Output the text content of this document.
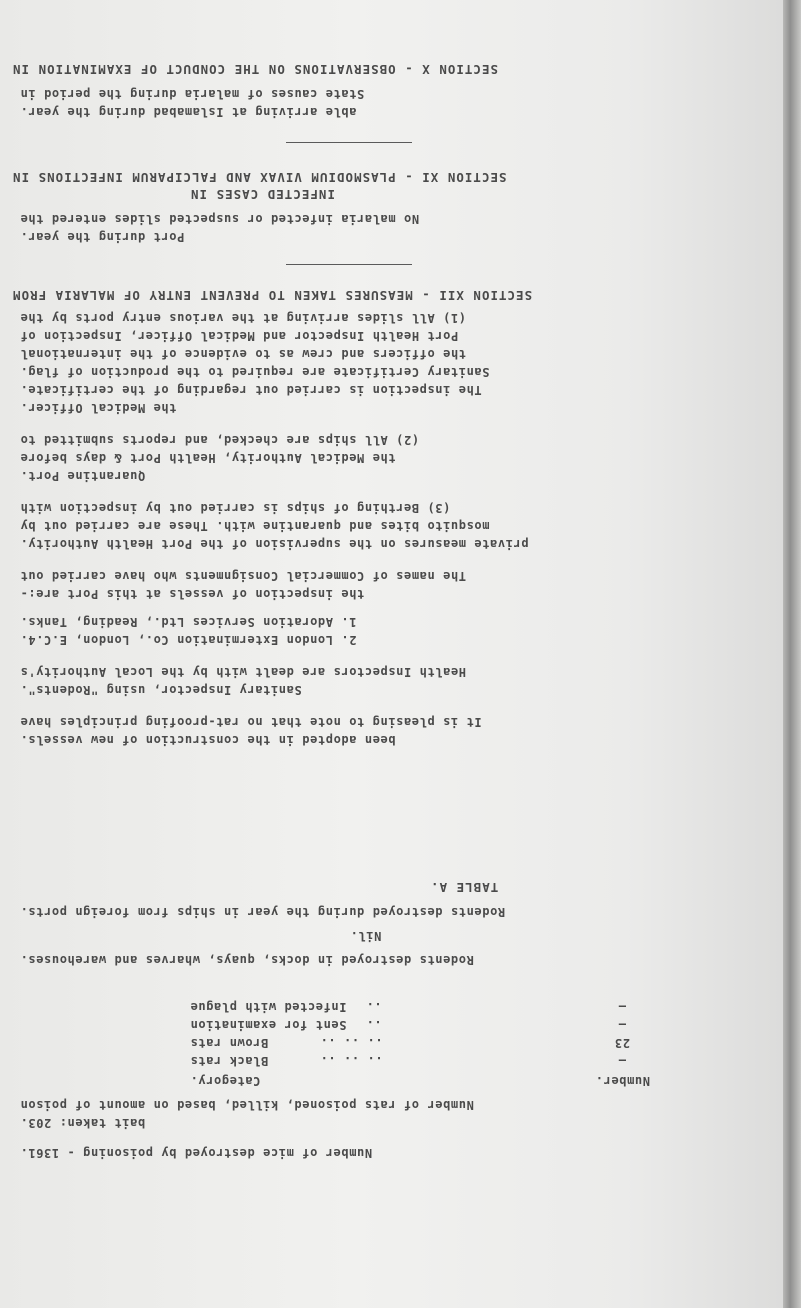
SECTION X - OBSERVATIONS ON THE CONDUCT OF EXAMINATION IN
State causes of malaria during the period in
able arriving at Islamabad during the year.
SECTION XI - PLASMODIUM VIVAX AND FALCIPARUM INFECTIONS IN
INFECTED CASES IN
No malaria infected or suspected slides entered the
Port during the year.
SECTION XII - MEASURES TAKEN TO PREVENT ENTRY OF MALARIA FROM
(1) All slides arriving at the various entry ports by the
Port Health Inspector and Medical Officer, Inspection of
the officers and crew as to evidence of the international
Sanitary Certificate are required to the production of flag.
The inspection is carried out regarding of the certificate.
the Medical Officer.
(2) All ships are checked, and reports submitted to
the Medical Authority, Health Port & days before
Quarantine Port.
(3) Berthing of ships is carried out by inspection with
mosquito bites and quarantine with. These are carried out by
private measures on the supervision of the Port Health Authority.
The names of Commercial Consignments who have carried out
the inspection of vessels at this Port are:-
1. Adoration Services Ltd., Reading, Tanks.
2. London Extermination Co., London, E.C.4.
Health Inspectors are dealt with by the Local Authority's
Sanitary Inspector, using "Rodents".
It is pleasing to note that no rat-proofing principles have
been adopted in the construction of new vessels.
TABLE A.
Rodents destroyed during the year in ships from foreign ports.
Nil.
Rodents destroyed in docks, quays, wharves and warehouses.
Category.	Number.
Black rats	.. .. ..	—
Brown rats	.. .. ..	23
Sent for examination ..	—
Infected with plague ..	—
Number of rats poisoned, killed, based on amount of poison
bait taken: 203.
Number of mice destroyed by poisoning - 1361.
